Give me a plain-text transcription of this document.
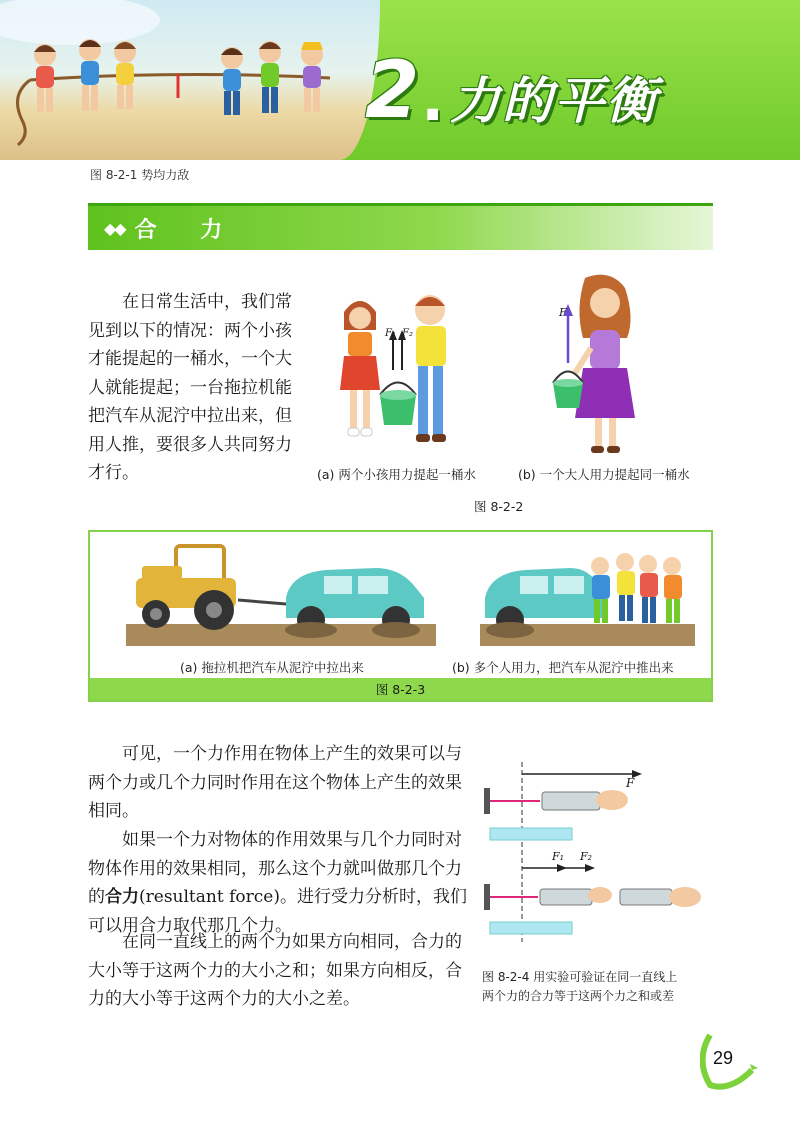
2 . 力的平衡
图 8-2-1 势均力敌
◆◆ 合 力
在日常生活中，我们常见到以下的情况：两个小孩才能提起的一桶水，一个大人就能提起；一台拖拉机能把汽车从泥泞中拉出来，但用人推，要很多人共同努力才行。
F₁ F₂
F
(a) 两个小孩用力提起一桶水	(b) 一个大人用力提起同一桶水
图 8-2-2
(a) 拖拉机把汽车从泥泞中拉出来	(b) 多个人用力，把汽车从泥泞中推出来
图 8-2-3
可见，一个力作用在物体上产生的效果可以与两个力或几个力同时作用在这个物体上产生的效果相同。
如果一个力对物体的作用效果与几个力同时对物体作用的效果相同，那么这个力就叫做那几个力的合力(resultant force)。进行受力分析时，我们可以用合力取代那几个力。
在同一直线上的两个力如果方向相同，合力的大小等于这两个力的大小之和；如果方向相反，合力的大小等于这两个力的大小之差。
F
F₁ F₂
图 8-2-4 用实验可验证在同一直线上
两个力的合力等于这两个力之和或差
29
